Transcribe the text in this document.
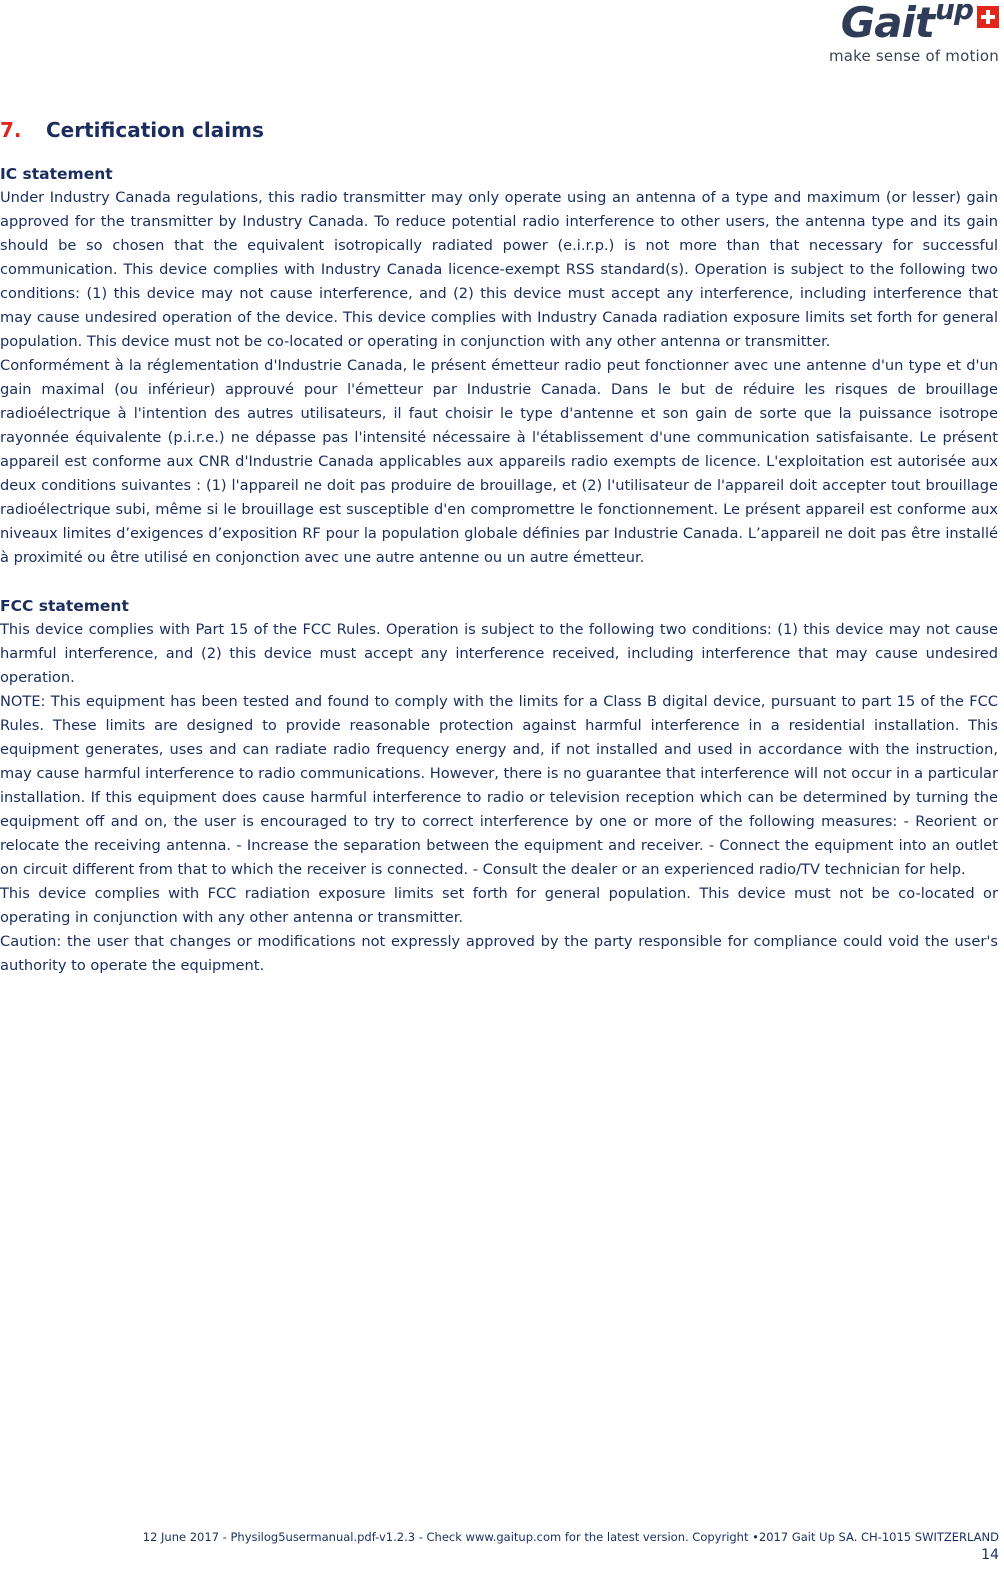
Gaitup
make sense of motion
7. Certification claims
IC statement

Under Industry Canada regulations, this radio transmitter may only operate using an antenna of a type and maximum (or lesser) gain approved for the transmitter by Industry Canada. To reduce potential radio interference to other users, the antenna type and its gain should be so chosen that the equivalent isotropically radiated power (e.i.r.p.) is not more than that necessary for successful communication. This device complies with Industry Canada licence-exempt RSS standard(s). Operation is subject to the following two conditions: (1) this device may not cause interference, and (2) this device must accept any interference, including interference that may cause undesired operation of the device. This device complies with Industry Canada radiation exposure limits set forth for general population. This device must not be co-located or operating in conjunction with any other antenna or transmitter.

Conformément à la réglementation d'Industrie Canada, le présent émetteur radio peut fonctionner avec une antenne d'un type et d'un gain maximal (ou inférieur) approuvé pour l'émetteur par Industrie Canada. Dans le but de réduire les risques de brouillage radioélectrique à l'intention des autres utilisateurs, il faut choisir le type d'antenne et son gain de sorte que la puissance isotrope rayonnée équivalente (p.i.r.e.) ne dépasse pas l'intensité nécessaire à l'établissement d'une communication satisfaisante. Le présent appareil est conforme aux CNR d'Industrie Canada applicables aux appareils radio exempts de licence. L'exploitation est autorisée aux deux conditions suivantes : (1) l'appareil ne doit pas produire de brouillage, et (2) l'utilisateur de l'appareil doit accepter tout brouillage radioélectrique subi, même si le brouillage est susceptible d'en compromettre le fonctionnement. Le présent appareil est conforme aux niveaux limites d’exigences d’exposition RF pour la population globale définies par Industrie Canada. L’appareil ne doit pas être installé à proximité ou être utilisé en conjonction avec une autre antenne ou un autre émetteur.

FCC statement

This device complies with Part 15 of the FCC Rules. Operation is subject to the following two conditions: (1) this device may not cause harmful interference, and (2) this device must accept any interference received, including interference that may cause undesired operation.

NOTE: This equipment has been tested and found to comply with the limits for a Class B digital device, pursuant to part 15 of the FCC Rules. These limits are designed to provide reasonable protection against harmful interference in a residential installation. This equipment generates, uses and can radiate radio frequency energy and, if not installed and used in accordance with the instruction, may cause harmful interference to radio communications. However, there is no guarantee that interference will not occur in a particular installation. If this equipment does cause harmful interference to radio or television reception which can be determined by turning the equipment off and on, the user is encouraged to try to correct interference by one or more of the following measures: - Reorient or relocate the receiving antenna. - Increase the separation between the equipment and receiver. - Connect the equipment into an outlet on circuit different from that to which the receiver is connected. - Consult the dealer or an experienced radio/TV technician for help.

This device complies with FCC radiation exposure limits set forth for general population. This device must not be co-located or operating in conjunction with any other antenna or transmitter.

Caution: the user that changes or modifications not expressly approved by the party responsible for compliance could void the user's authority to operate the equipment.

12 June 2017 - Physilog5usermanual.pdf-v1.2.3 - Check www.gaitup.com for the latest version. Copyright •2017 Gait Up SA. CH-1015 SWITZERLAND
14
